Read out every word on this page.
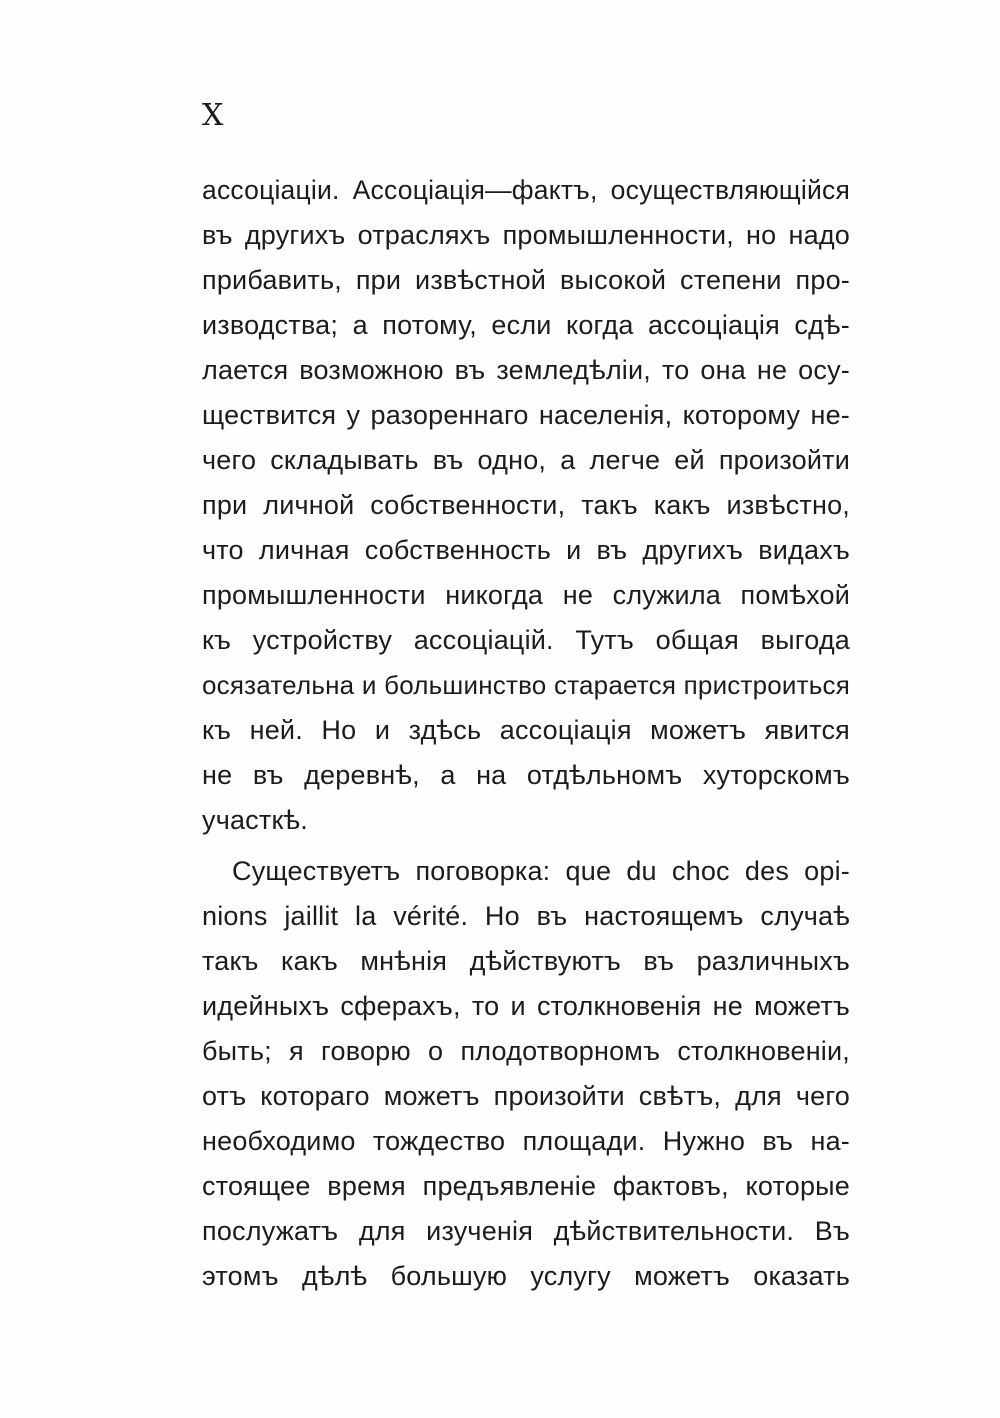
X
ассоцiацiи. Ассоцiацiя—фактъ, осуществляющiйся
въ другихъ отрасляхъ промышленности, но надо
прибавить, при извѣстной высокой степени про-
изводства; а потому, если когда ассоцiацiя сдѣ-
лается возможною въ земледѣлiи, то она не осу-
ществится у разореннаго населенiя, которому не-
чего складывать въ одно, а легче ей произойти
при личной собственности, такъ какъ извѣстно,
что личная собственность и въ другихъ видахъ
промышленности никогда не служила помѣхой
къ устройству ассоцiацiй. Тутъ общая выгода
осязательна и большинство старается пристроиться
къ ней. Но и здѣсь ассоцiацiя можетъ явится
не въ деревнѣ, а на отдѣльномъ хуторскомъ
участкѣ.
Существуетъ поговорка: que du choc des opi-
nions jaillit la vérité. Но въ настоящемъ случаѣ
такъ какъ мнѣнiя дѣйствуютъ въ различныхъ
идейныхъ сферахъ, то и столкновенiя не можетъ
быть; я говорю о плодотворномъ столкновенiи,
отъ котораго можетъ произойти свѣтъ, для чего
необходимо тождество площади. Нужно въ на-
стоящее время предъявленiе фактовъ, которые
послужатъ для изученiя дѣйствительности. Въ
этомъ дѣлѣ большую услугу можетъ оказать
